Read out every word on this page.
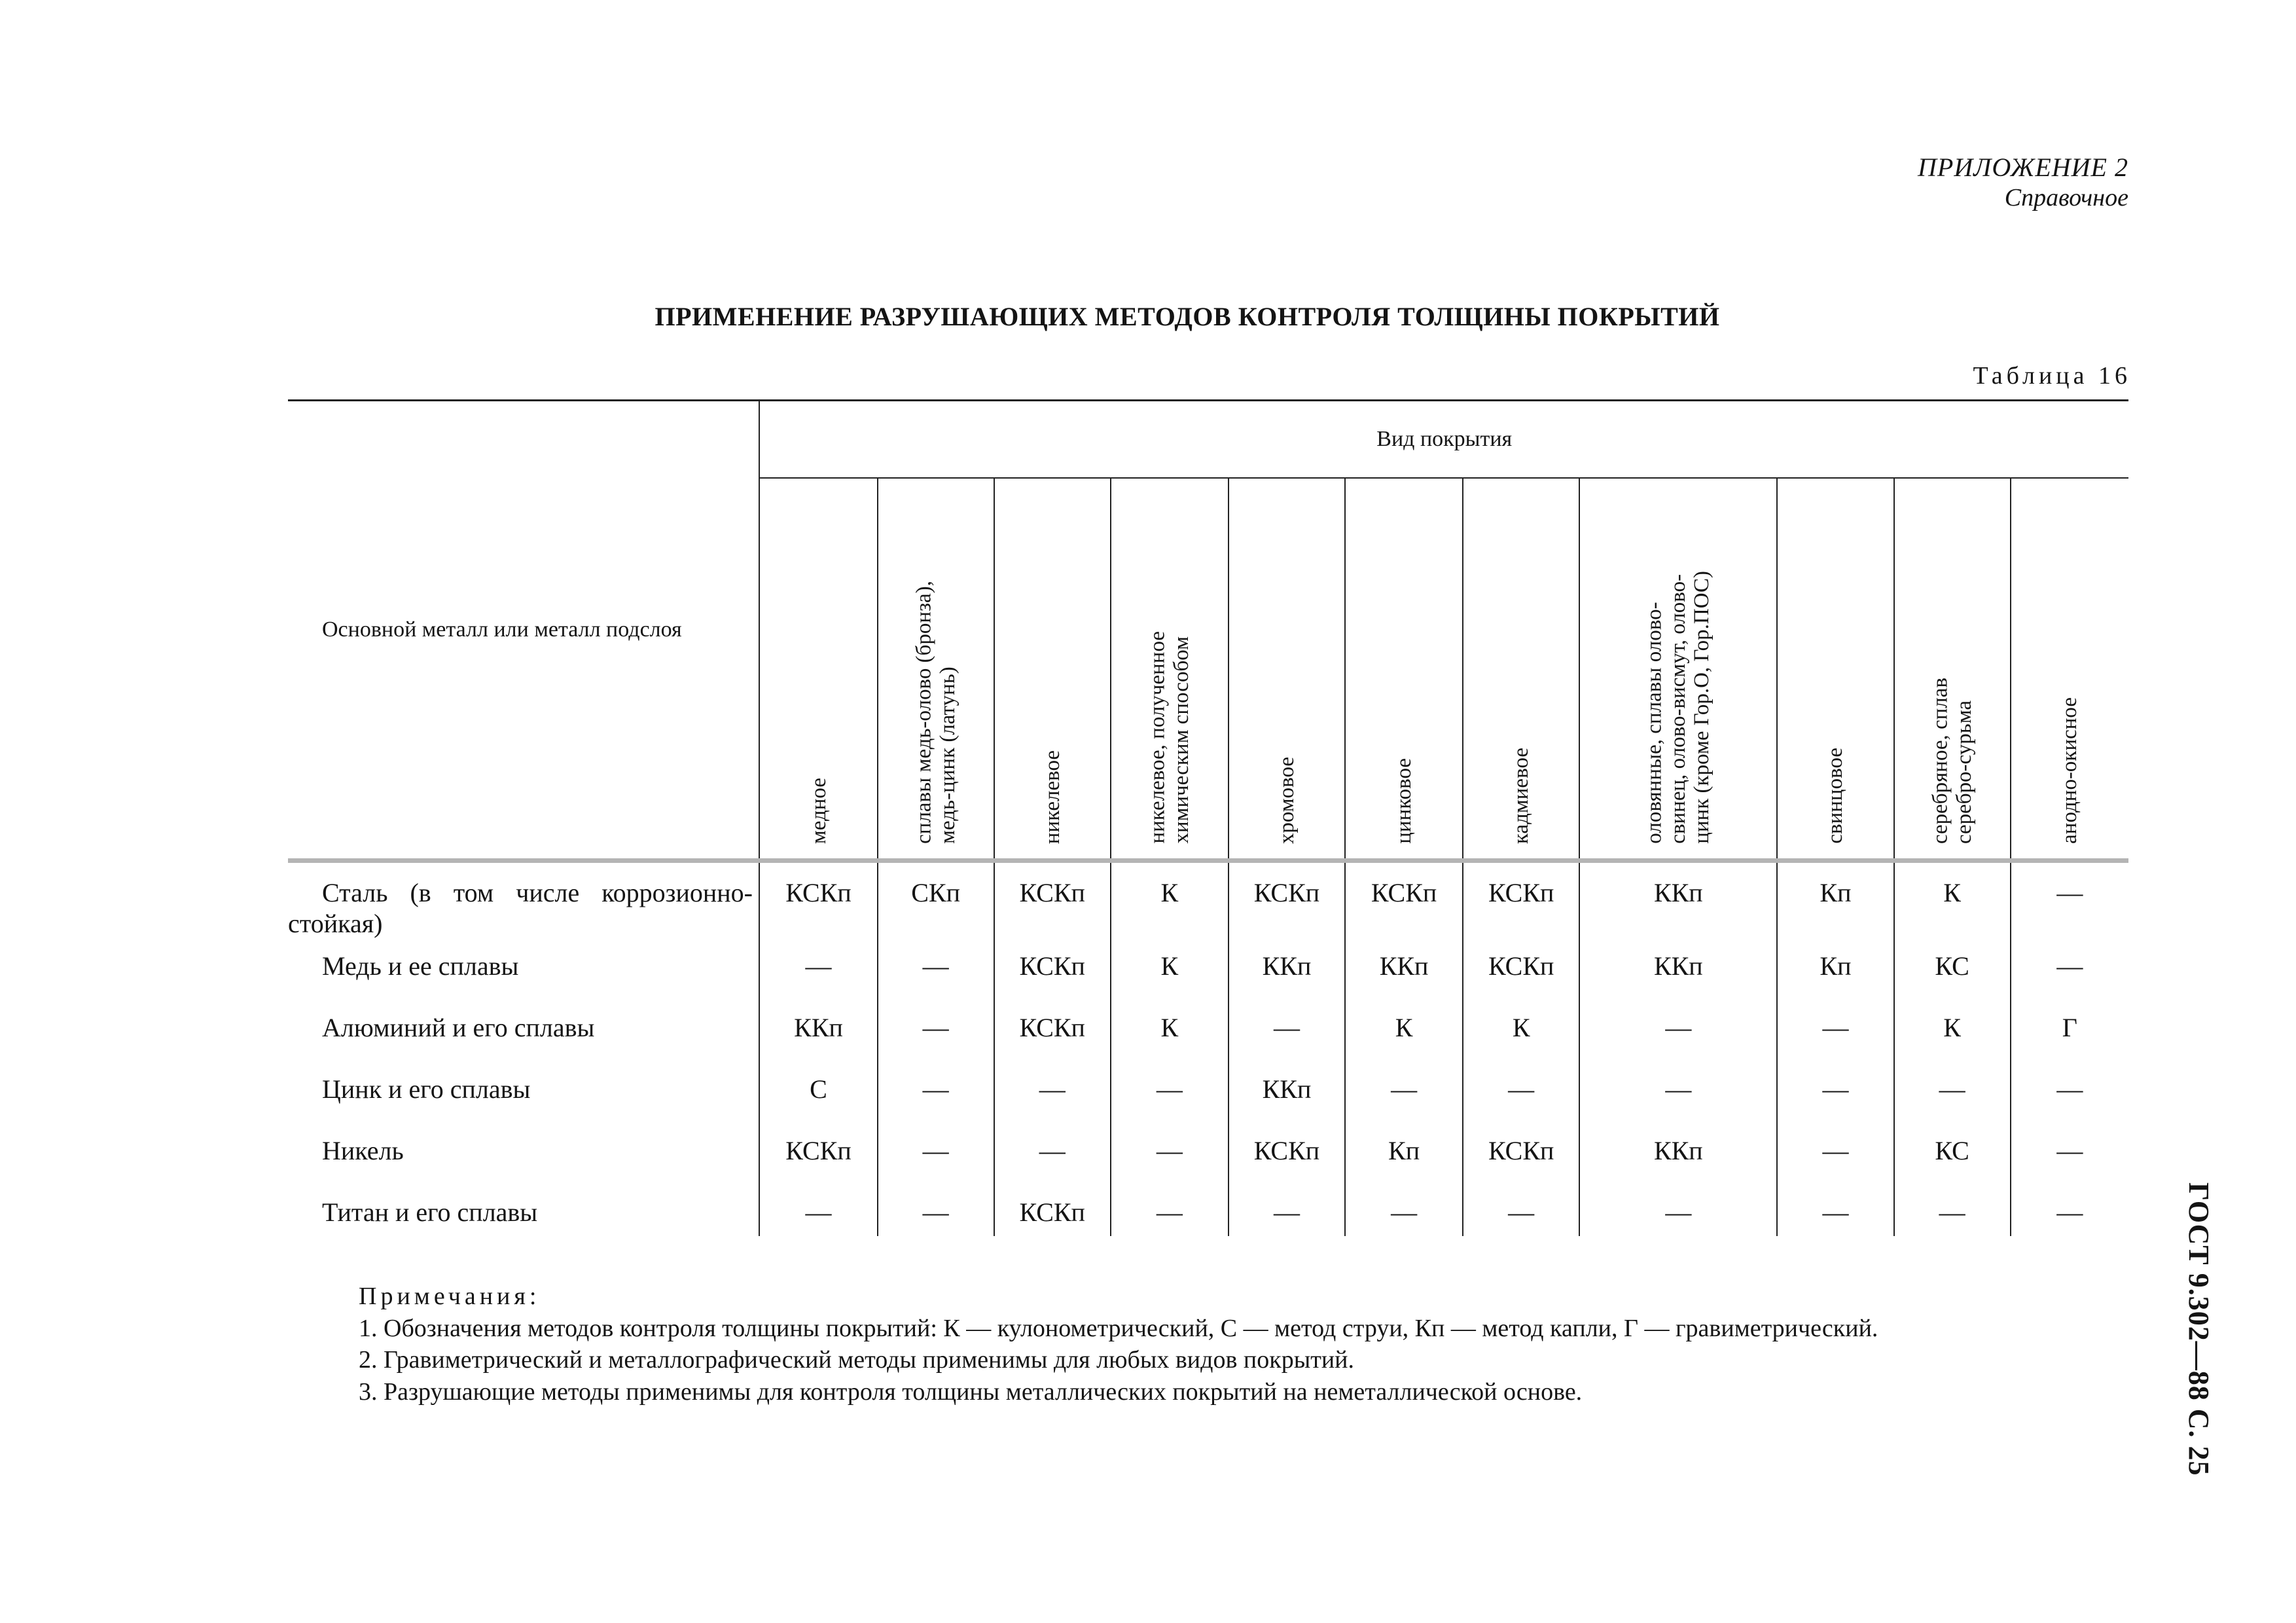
ПРИЛОЖЕНИЕ 2
Справочное
ПРИМЕНЕНИЕ РАЗРУШАЮЩИХ МЕТОДОВ КОНТРОЛЯ ТОЛЩИНЫ ПОКРЫТИЙ
Таблица 16
Основной металл или металл подслоя	Вид покрытия										

	медное	сплавы медь-олово (бронза), медь-цинк (латунь)	никелевое	никелевое, полученное химическим способом	хромовое	цинковое	кадмиевое	оловянные, сплавы олово- свинец, олово-висмут, олово- цинк (кроме Гор.О, Гор.ПОС)	свинцовое	серебряное, сплав серебро-сурьма	анодно-окисное

Сталь (в том числе коррозионно-стойкая)	КСКп	СКп	КСКп	К	КСКп	КСКп	КСКп	ККп	Кп	К	—
Медь и ее сплавы	—	—	КСКп	К	ККп	ККп	КСКп	ККп	Кп	КС	—
Алюминий и его сплавы	ККп	—	КСКп	К	—	К	К	—	—	К	Г
Цинк и его сплавы	С	—	—	—	ККп	—	—	—	—	—	—
Никель	КСКп	—	—	—	КСКп	Кп	КСКп	ККп	—	КС	—
Титан и его сплавы	—	—	КСКп	—	—	—	—	—	—	—	—
Примечания:
1. Обозначения методов контроля толщины покрытий: К — кулонометрический, С — метод струи, Кп — метод капли, Г — гравиметрический.
2. Гравиметрический и металлографический методы применимы для любых видов покрытий.
3. Разрушающие методы применимы для контроля толщины металлических покрытий на неметаллической основе.	ГОСТ 9.302—88 С. 25
